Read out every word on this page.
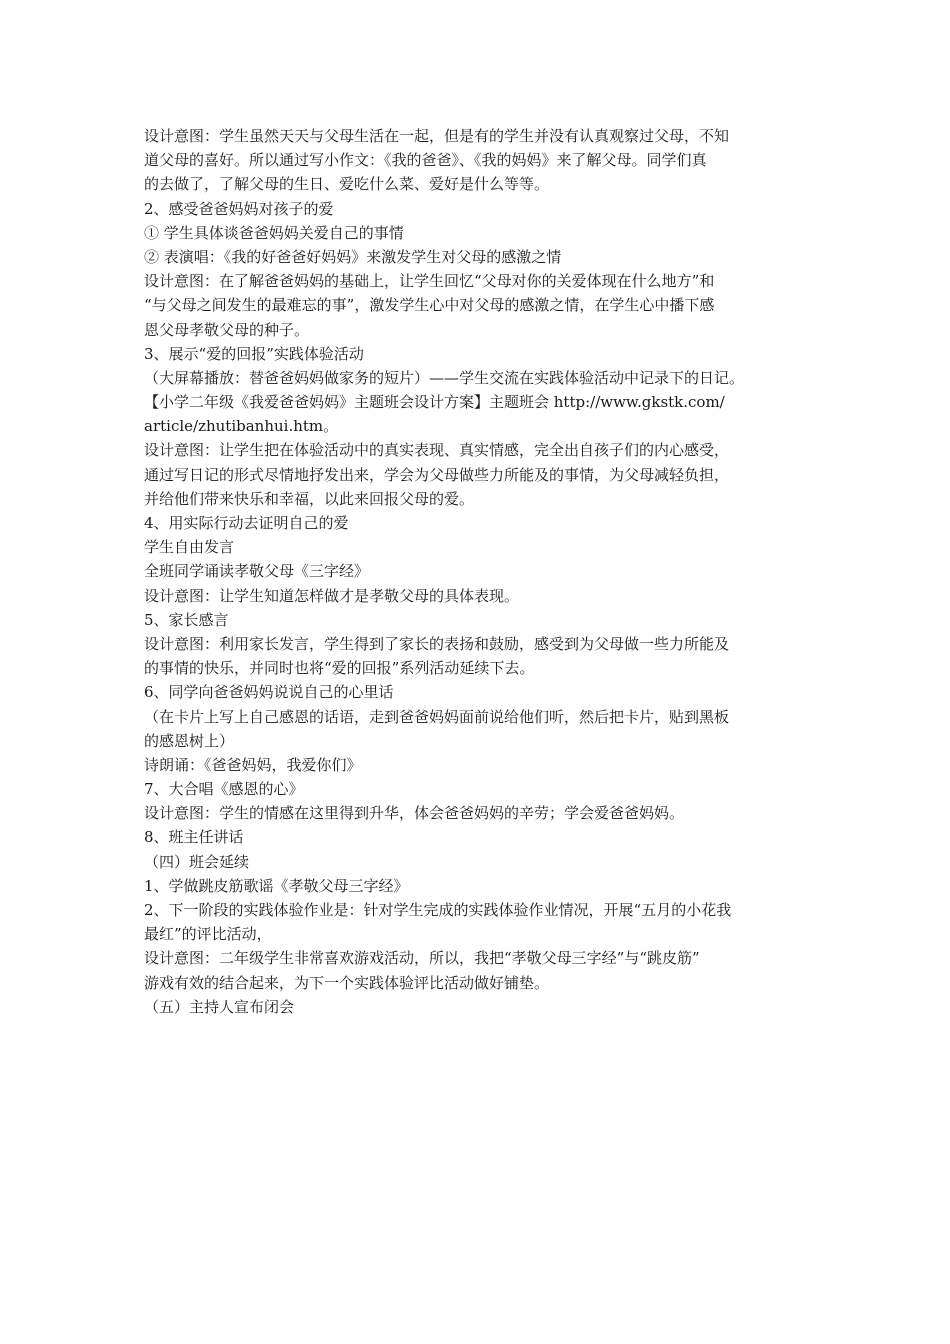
设计意图：学生虽然天天与父母生活在一起，但是有的学生并没有认真观察过父母，不知
道父母的喜好。所以通过写小作文：《我的爸爸》、《我的妈妈》来了解父母。同学们真
的去做了，了解父母的生日、爱吃什么菜、爱好是什么等等。
2、感受爸爸妈妈对孩子的爱
① 学生具体谈爸爸妈妈关爱自己的事情
② 表演唱：《我的好爸爸好妈妈》来激发学生对父母的感激之情
设计意图：在了解爸爸妈妈的基础上，让学生回忆“父母对你的关爱体现在什么地方”和
“与父母之间发生的最难忘的事”，激发学生心中对父母的感激之情，在学生心中播下感
恩父母孝敬父母的种子。
3、展示“爱的回报”实践体验活动
（大屏幕播放：替爸爸妈妈做家务的短片）——学生交流在实践体验活动中记录下的日记。
【小学二年级《我爱爸爸妈妈》主题班会设计方案】主题班会 http://www.gkstk.com/
article/zhutibanhui.htm。
设计意图：让学生把在体验活动中的真实表现、真实情感，完全出自孩子们的内心感受，
通过写日记的形式尽情地抒发出来，学会为父母做些力所能及的事情，为父母减轻负担，
并给他们带来快乐和幸福，以此来回报父母的爱。
4、用实际行动去证明自己的爱
学生自由发言
全班同学诵读孝敬父母《三字经》
设计意图：让学生知道怎样做才是孝敬父母的具体表现。
5、家长感言
设计意图：利用家长发言，学生得到了家长的表扬和鼓励，感受到为父母做一些力所能及
的事情的快乐，并同时也将“爱的回报”系列活动延续下去。
6、同学向爸爸妈妈说说自己的心里话
（在卡片上写上自己感恩的话语，走到爸爸妈妈面前说给他们听，然后把卡片，贴到黑板
的感恩树上）
诗朗诵：《爸爸妈妈，我爱你们》
7、大合唱《感恩的心》
设计意图：学生的情感在这里得到升华，体会爸爸妈妈的辛劳；学会爱爸爸妈妈。
8、班主任讲话
（四）班会延续
1、学做跳皮筋歌谣《孝敬父母三字经》
2、下一阶段的实践体验作业是：针对学生完成的实践体验作业情况，开展“五月的小花我
最红”的评比活动，
设计意图：二年级学生非常喜欢游戏活动，所以，我把“孝敬父母三字经”与“跳皮筋”
游戏有效的结合起来，为下一个实践体验评比活动做好铺垫。
（五）主持人宣布闭会
